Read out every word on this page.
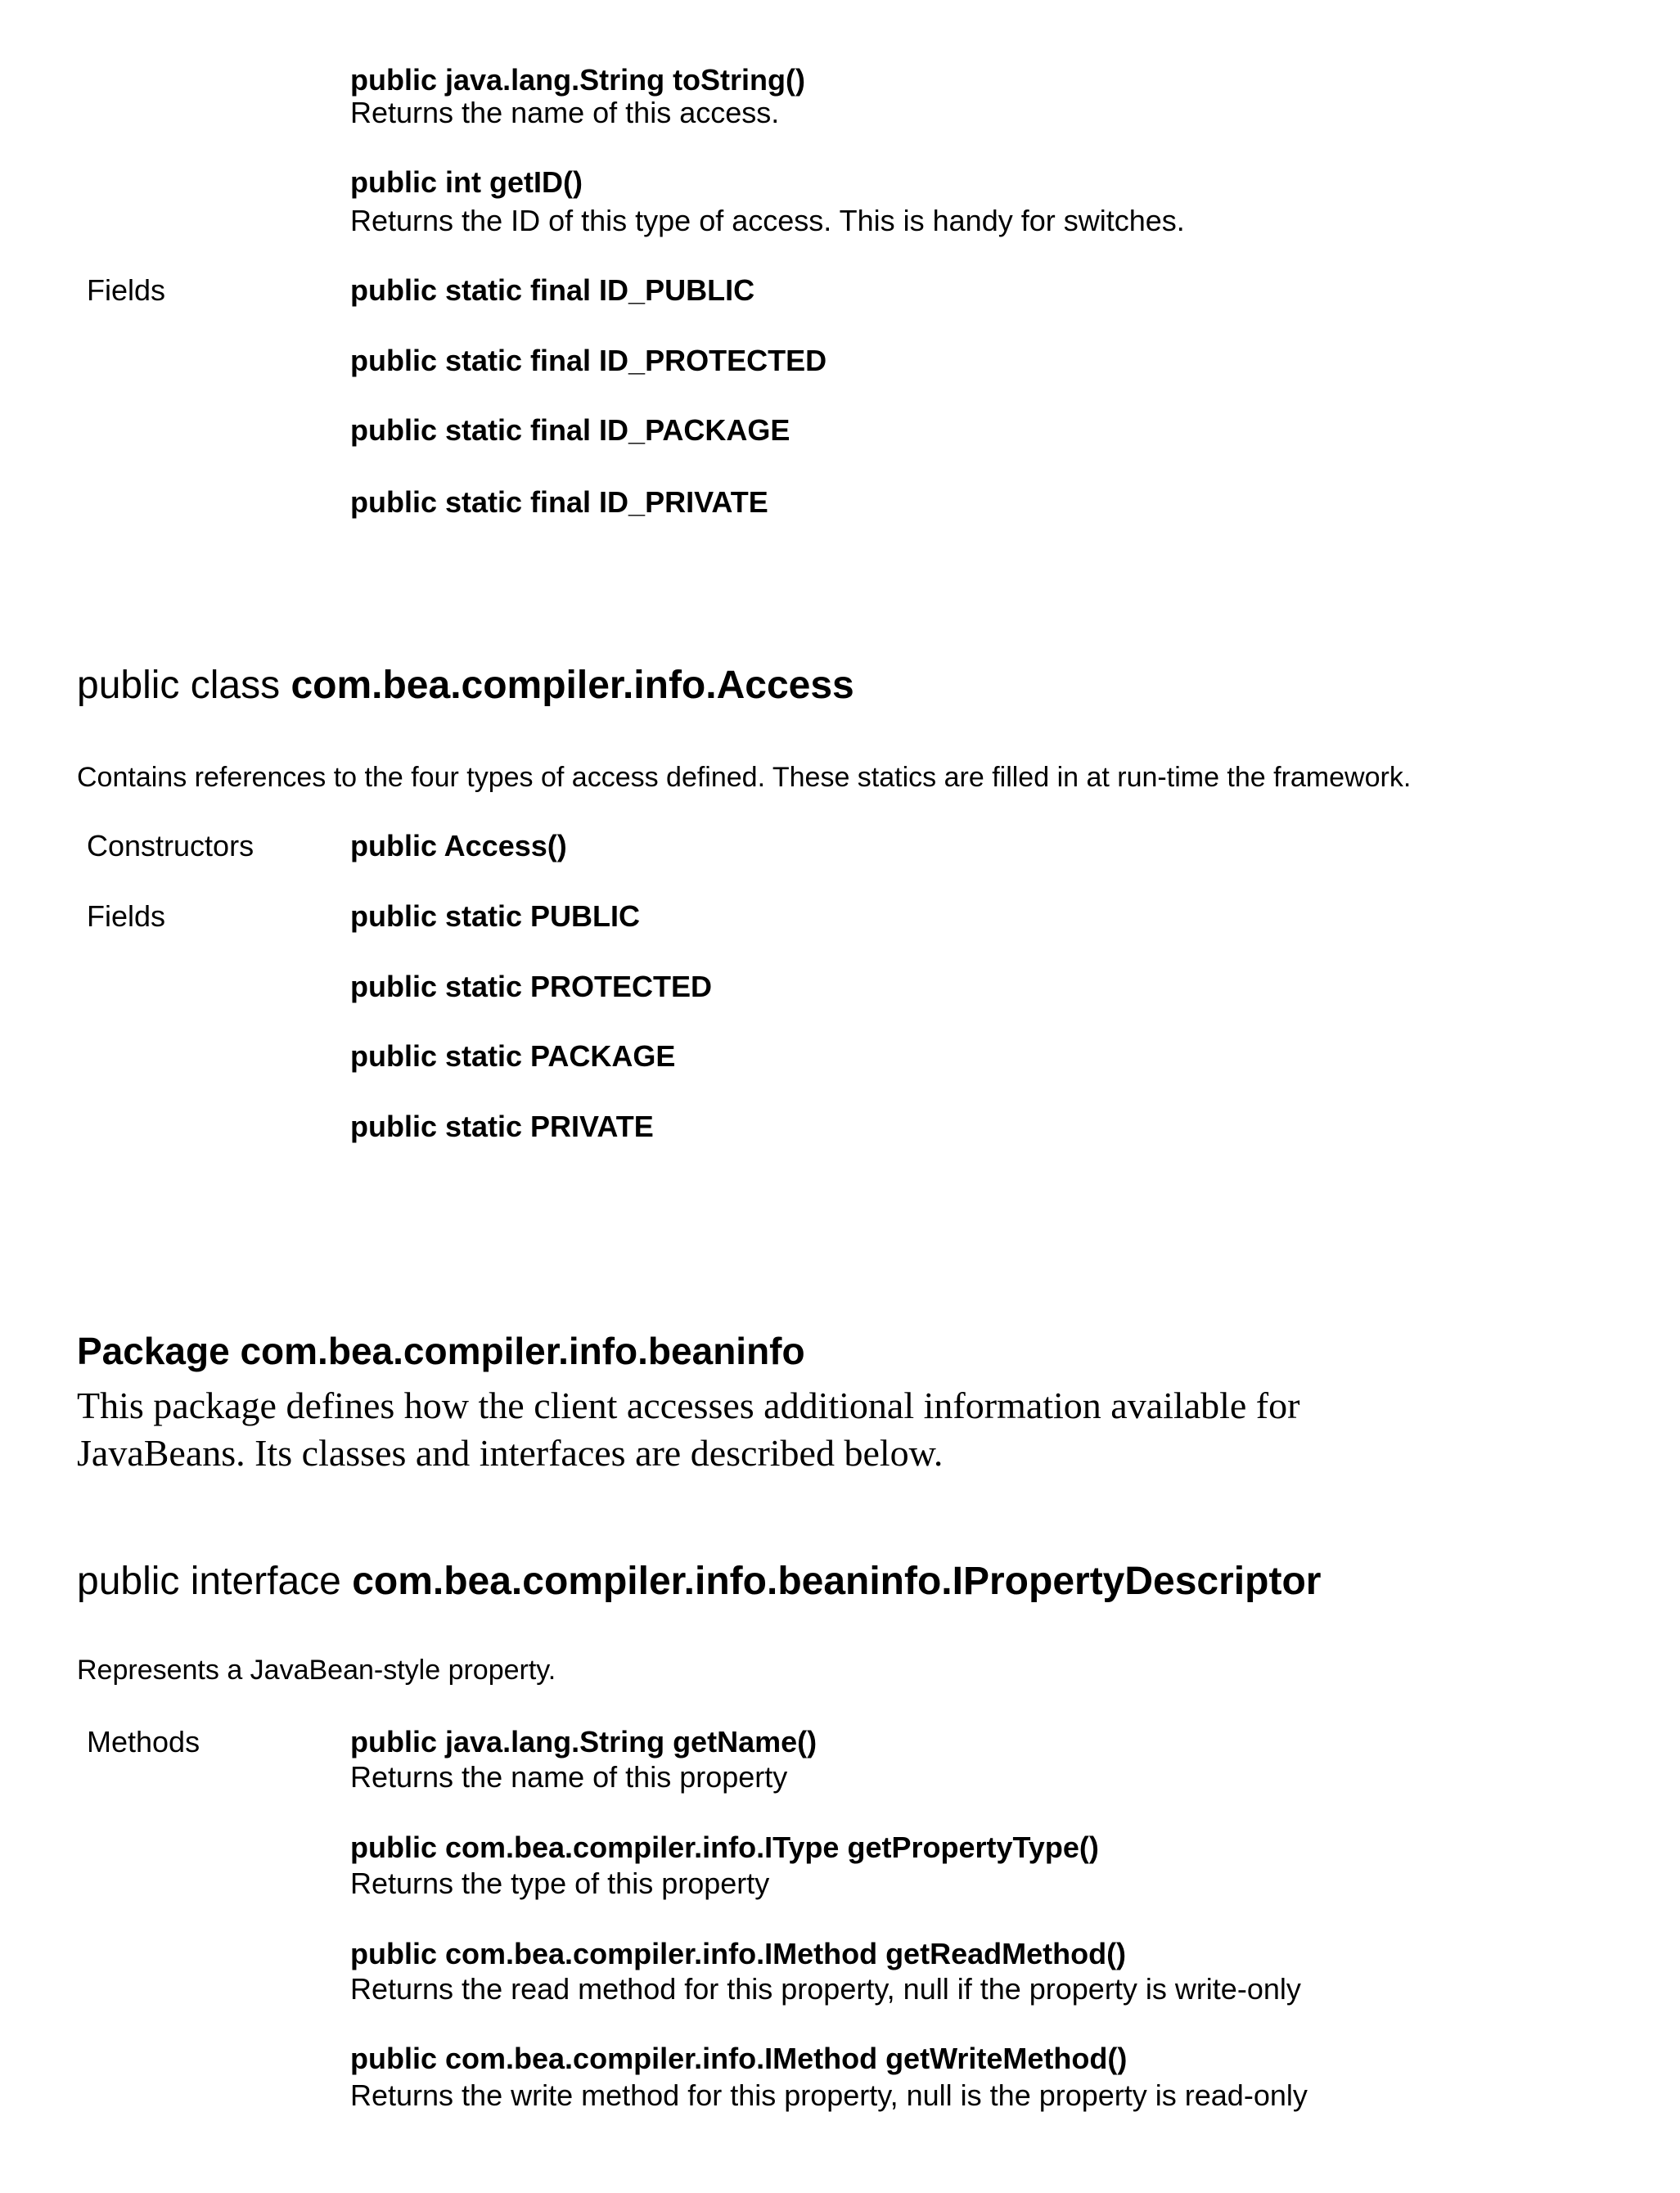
public java.lang.String toString()
Returns the name of this access.
public int getID()
Returns the ID of this type of access. This is handy for switches.
Fields	public static final ID_PUBLIC
public static final ID_PROTECTED
public static final ID_PACKAGE
public static final ID_PRIVATE
public class com.bea.compiler.info.Access
Contains references to the four types of access defined. These statics are filled in at run-time the framework.
Constructors	public Access()
Fields	public static PUBLIC
public static PROTECTED
public static PACKAGE
public static PRIVATE
Package com.bea.compiler.info.beaninfo
This package defines how the client accesses additional information available for
JavaBeans. Its classes and interfaces are described below.
public interface com.bea.compiler.info.beaninfo.IPropertyDescriptor
Represents a JavaBean-style property.
Methods	public java.lang.String getName()
Returns the name of this property
public com.bea.compiler.info.IType getPropertyType()
Returns the type of this property
public com.bea.compiler.info.IMethod getReadMethod()
Returns the read method for this property, null if the property is write-only
public com.bea.compiler.info.IMethod getWriteMethod()
Returns the write method for this property, null is the property is read-only
